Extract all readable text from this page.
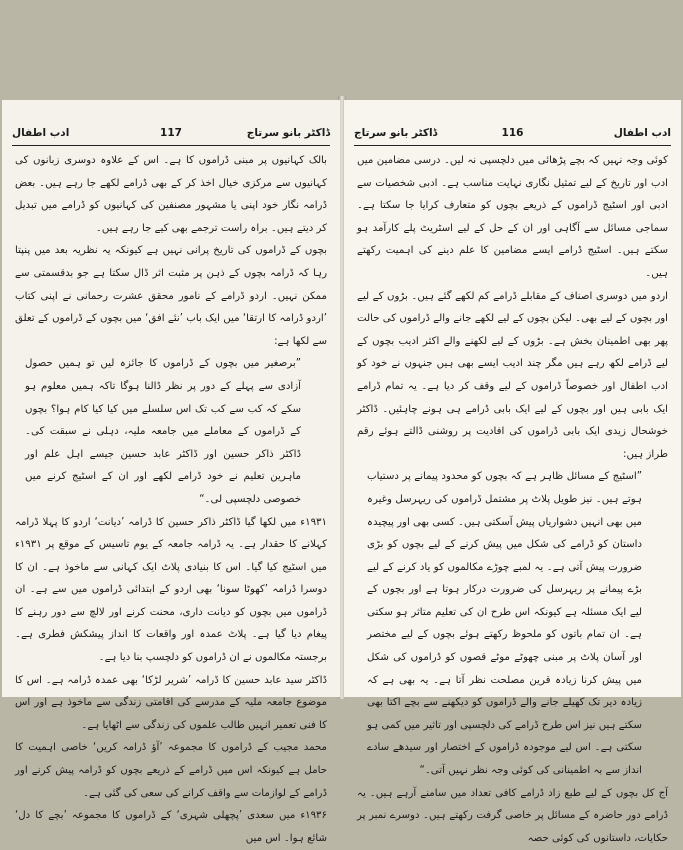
ڈاکٹر بانو سرتاج
117
ادب اطفال

بالک کہانیوں پر مبنی ڈراموں کا ہے۔ اس کے علاوہ دوسری زبانوں کی کہانیوں سے مرکزی خیال اخذ کر کے بھی ڈرامے لکھے جا رہے ہیں۔ بعض ڈرامہ نگار خود اپنی یا مشہور مصنفین کی کہانیوں کو ڈرامے میں تبدیل کر دیتے ہیں۔ براہ راست ترجمے بھی کیے جا رہے ہیں۔

بچوں کے ڈراموں کی تاریخ پرانی نہیں ہے کیونکہ یہ نظریہ بعد میں پنپتا رہا کہ ڈرامہ بچوں کے ذہن پر مثبت اثر ڈال سکتا ہے جو بدقسمتی سے ممکن نہیں۔ اردو ڈرامے کے نامور محقق عشرت رحمانی نے اپنی کتاب ’اردو ڈرامہ کا ارتقا‘ میں ایک باب ’نئے افق‘ میں بچوں کے ڈراموں کے تعلق سے لکھا ہے:

”برصغیر میں بچوں کے ڈراموں کا جائزہ لیں تو ہمیں حصول آزادی سے پہلے کے دور پر نظر ڈالنا ہوگا تاکہ ہمیں معلوم ہو سکے کہ کب سے کب تک اس سلسلے میں کیا کیا کام ہوا؟ بچوں کے ڈراموں کے معاملے میں جامعہ ملیہ، دہلی نے سبقت کی۔ ڈاکٹر ذاکر حسین اور ڈاکٹر عابد حسین جیسے اہل علم اور ماہرین تعلیم نے خود ڈرامے لکھے اور ان کے اسٹیج کرنے میں خصوصی دلچسپی لی۔“

۱۹۳۱ء میں لکھا گیا ڈاکٹر ذاکر حسین کا ڈرامہ ’دیانت‘ اردو کا پہلا ڈرامہ کہلانے کا حقدار ہے۔ یہ ڈرامہ جامعہ کے یوم تاسیس کے موقع پر ۱۹۳۱ء میں اسٹیج کیا گیا۔ اس کا بنیادی پلاٹ ایک کہانی سے ماخوذ ہے۔ ان کا دوسرا ڈرامہ ’کھوٹا سونا‘ بھی اردو کے ابتدائی ڈراموں میں سے ہے۔ ان ڈراموں میں بچوں کو دیانت داری، محنت کرنے اور لالچ سے دور رہنے کا پیغام دیا گیا ہے۔ پلاٹ عمدہ اور واقعات کا انداز پیشکش فطری ہے۔ برجستہ مکالموں نے ان ڈراموں کو دلچسپ بنا دیا ہے۔

ڈاکٹر سید عابد حسین کا ڈرامہ ’شریر لڑکا‘ بھی عمدہ ڈرامہ ہے۔ اس کا موضوع جامعہ ملیہ کے مدرسے کی اقامتی زندگی سے ماخوذ ہے اور اس کا فنی تعمیر انہیں طالب علموں کی زندگی سے اٹھایا ہے۔

محمد مجیب کے ڈراموں کا مجموعہ ’آؤ ڈرامہ کریں‘ خاصی اہمیت کا حامل ہے کیونکہ اس میں ڈرامے کے ذریعے بچوں کو ڈرامہ پیش کرنے اور ڈرامے کے لوازمات سے واقف کرانے کی سعی کی گئی ہے۔

۱۹۳۶ء میں سعدی ’پچھلی شہری‘ کے ڈراموں کا مجموعہ ’بچے کا دل‘ شائع ہوا۔ اس میں

ادب اطفال
116
ڈاکٹر بانو سرتاج

کوئی وجہ نہیں کہ بچے پڑھائی میں دلچسپی نہ لیں۔ درسی مضامین میں ادب اور تاریخ کے لیے تمثیل نگاری نہایت مناسب ہے۔ ادبی شخصیات سے ادبی اور اسٹیج ڈراموں کے ذریعے بچوں کو متعارف کرایا جا سکتا ہے۔ سماجی مسائل سے آگاہی اور ان کے حل کے لیے اسٹریٹ پلے کارآمد ہو سکتے ہیں۔ اسٹیج ڈرامے ایسے مضامین کا علم دینے کی اہمیت رکھتے ہیں۔

اردو میں دوسری اصناف کے مقابلے ڈرامے کم لکھے گئے ہیں۔ بڑوں کے لیے اور بچوں کے لیے بھی۔ لیکن بچوں کے لیے لکھے جانے والے ڈراموں کی حالت پھر بھی اطمینان بخش ہے۔ بڑوں کے لیے لکھنے والے اکثر ادیب بچوں کے لیے ڈرامے لکھ رہے ہیں مگر چند ادیب ایسے بھی ہیں جنہوں نے خود کو ادب اطفال اور خصوصاً ڈراموں کے لیے وقف کر دیا ہے۔ یہ تمام ڈرامے ایک بابی ہیں اور بچوں کے لیے ایک بابی ڈرامے ہی ہونے چاہئیں۔ ڈاکٹر خوشحال زیدی ایک بابی ڈراموں کی افادیت پر روشنی ڈالتے ہوئے رقم طراز ہیں:

”اسٹیج کے مسائل ظاہر ہے کہ بچوں کو محدود پیمانے پر دستیاب ہوتے ہیں۔ نیز طویل پلاٹ پر مشتمل ڈراموں کی ریہرسل وغیرہ میں بھی انہیں دشواریاں پیش آسکتی ہیں۔ کسی بھی اور پیچیدہ داستان کو ڈرامے کی شکل میں پیش کرنے کے لیے بچوں کو بڑی ضرورت پیش آتی ہے۔ یہ لمبے چوڑے مکالموں کو یاد کرنے کے لیے بڑے پیمانے پر ریہرسل کی ضرورت درکار ہوتا ہے اور بچوں کے لیے ایک مسئلہ ہے کیونکہ اس طرح ان کی تعلیم متاثر ہو سکتی ہے۔ ان تمام باتوں کو ملحوظ رکھتے ہوئے بچوں کے لیے مختصر اور آسان پلاٹ پر مبنی چھوٹے موٹے قصوں کو ڈراموں کی شکل میں پیش کرنا زیادہ قرین مصلحت نظر آتا ہے۔ یہ بھی ہے کہ زیادہ دیر تک کھیلے جانے والے ڈراموں کو دیکھنے سے بچے اکتا بھی سکتے ہیں نیز اس طرح ڈرامے کی دلچسپی اور تاثیر میں کمی ہو سکتی ہے۔ اس لیے موجودہ ڈراموں کے اختصار اور سیدھے سادے انداز سے بہ اطمینانی کی کوئی وجہ نظر نہیں آتی۔“

آج کل بچوں کے لیے طبع زاد ڈرامے کافی تعداد میں سامنے آرہے ہیں۔ یہ ڈرامے دور حاضرہ کے مسائل پر خاصی گرفت رکھتے ہیں۔ دوسرے نمبر پر حکایات، داستانوں کی کوئی حصہ
